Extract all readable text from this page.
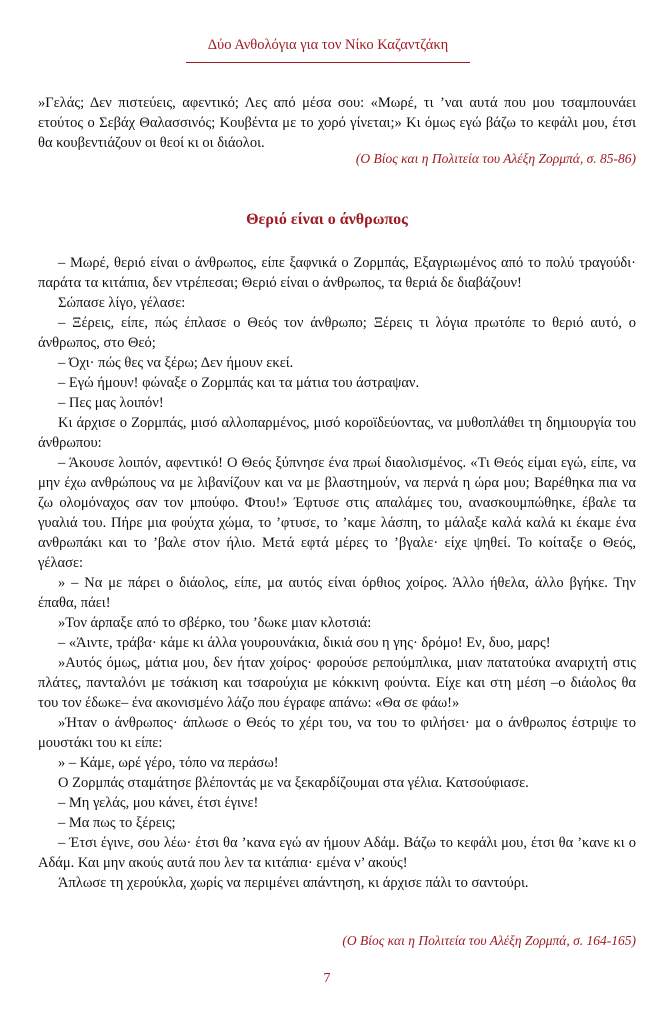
Δύο Ανθολόγια για τον Νίκο Καζαντζάκη

»Γελάς; Δεν πιστεύεις, αφεντικό; Λες από μέσα σου: «Μωρέ, τι ’ναι αυτά που μου τσαμπουνάει ετούτος ο Σεβάχ Θαλασσινός; Κουβέντα με το χορό γίνεται;» Κι όμως εγώ βάζω το κεφάλι μου, έτσι θα κουβεντιάζουν οι θεοί κι οι διάολοι.

(Ο Βίος και η Πολιτεία του Αλέξη Ζορμπά, σ. 85-86)
Θεριό είναι ο άνθρωπος

– Μωρέ, θεριό είναι ο άνθρωπος, είπε ξαφνικά ο Ζορμπάς, Εξαγριωμένος από το πολύ τραγούδι· παράτα τα κιτάπια, δεν ντρέπεσαι; Θεριό είναι ο άνθρωπος, τα θεριά δε διαβάζουν!

Σώπασε λίγο, γέλασε:

– Ξέρεις, είπε, πώς έπλασε ο Θεός τον άνθρωπο; Ξέρεις τι λόγια πρωτόπε το θεριό αυτό, ο άνθρωπος, στο Θεό;

– Όχι· πώς θες να ξέρω; Δεν ήμουν εκεί.

– Εγώ ήμουν! φώναξε ο Ζορμπάς και τα μάτια του άστραψαν.

– Πες μας λοιπόν!

Κι άρχισε ο Ζορμπάς, μισό αλλοπαρμένος, μισό κοροϊδεύοντας, να μυθοπλάθει τη δημιουργία του άνθρωπου:

– Άκουσε λοιπόν, αφεντικό! Ο Θεός ξύπνησε ένα πρωί διαολισμένος. «Τι Θεός είμαι εγώ, είπε, να μην έχω ανθρώπους να με λιβανίζουν και να με βλαστημούν, να περνά η ώρα μου; Βαρέθηκα πια να ζω ολομόναχος σαν τον μπούφο. Φτου!» Έφτυσε στις απαλάμες του, ανασκουμπώθηκε, έβαλε τα γυαλιά του. Πήρε μια φούχτα χώμα, το ’φτυσε, το ’καμε λάσπη, το μάλαξε καλά καλά κι έκαμε ένα ανθρωπάκι και το ’βαλε στον ήλιο. Μετά εφτά μέρες το ’βγαλε· είχε ψηθεί. Το κοίταξε ο Θεός, γέλασε:

» – Να με πάρει ο διάολος, είπε, μα αυτός είναι όρθιος χοίρος. Άλλο ήθελα, άλλο βγήκε. Την έπαθα, πάει!

»Τον άρπαξε από το σβέρκο, του ’δωκε μιαν κλοτσιά:

– «Άιντε, τράβα· κάμε κι άλλα γουρουνάκια, δικιά σου η γης· δρόμο! Εν, δυο, μαρς!

»Αυτός όμως, μάτια μου, δεν ήταν χοίρος· φορούσε ρεπούμπλικα, μιαν πατατούκα αναριχτή στις πλάτες, πανταλόνι με τσάκιση και τσαρούχια με κόκκινη φούντα. Είχε και στη μέση –ο διάολος θα του τον έδωκε– ένα ακονισμένο λάζο που έγραφε απάνω: «Θα σε φάω!»

»Ήταν ο άνθρωπος· άπλωσε ο Θεός το χέρι του, να του το φιλήσει· μα ο άνθρωπος έστριψε το μουστάκι του κι είπε:

» – Κάμε, ωρέ γέρο, τόπο να περάσω!

Ο Ζορμπάς σταμάτησε βλέποντάς με να ξεκαρδίζουμαι στα γέλια. Κατσούφιασε.

– Μη γελάς, μου κάνει, έτσι έγινε!

– Μα πως το ξέρεις;

– Έτσι έγινε, σου λέω· έτσι θα ’κανα εγώ αν ήμουν Αδάμ. Βάζω το κεφάλι μου, έτσι θα ’κανε κι ο Αδάμ. Και μην ακούς αυτά που λεν τα κιτάπια· εμένα ν’ ακούς!

Άπλωσε τη χερούκλα, χωρίς να περιμένει απάντηση, κι άρχισε πάλι το σαντούρι.

(Ο Βίος και η Πολιτεία του Αλέξη Ζορμπά, σ. 164-165)
7
